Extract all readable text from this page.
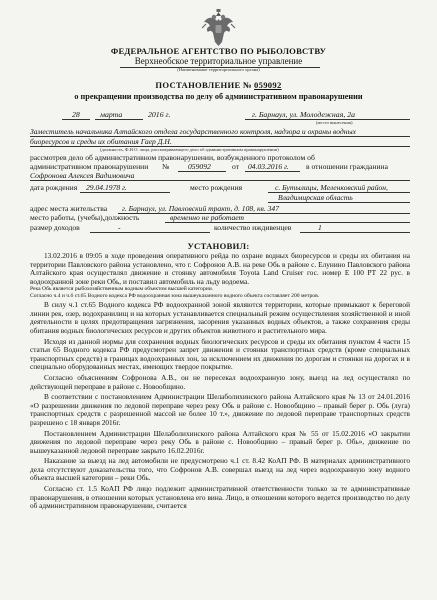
ФЕДЕРАЛЬНОЕ АГЕНТСТВО ПО РЫБОЛОВСТВУ
Верхнеобское территориальное управление
(Наименование территориального органа)
ПОСТАНОВЛЕНИЕ № 059092
о прекращении производства по делу об административном правонарушении
28	марта	2016 г.	г. Барнаул, ул. Молодежная, 2а
(место вынесения)
Заместитель начальника Алтайского отдела государственного контроля, надзора и охраны водных
биоресурсов и среды их обитания Гаер Д.Н.
(должность, Ф.И.О. лица, рассматривающего дело об административном правонарушении)
рассмотрев дело об административном правонарушении, возбужденного протоколом об
административном правонарушении № 059092	от 04.03.2016 г. в отношении гражданина
Софронова Алексея Вадимовича
дата рождения 29.04.1978 г.	место рождения	с. Бутылицы, Меленковский район,
Владимирская область
адрес места жительства г. Барнаул, ул. Павловский тракт, д. 108, кв. 347
место работы, (учебы),должность	временно не работает
размер доходов	-	количество иждивенцев	1
УСТАНОВИЛ:

13.02.2016 в 09:05 в ходе проведения оперативного рейда по охране водных биоресурсов и среды их обитания на территории Павловского района установлено, что г. Софронов А.В. на реке Обь в районе с. Елунино Павловского района Алтайского края осуществлял движение и стоянку автомобиля Toyota Land Cruiser гос. номер Е 100 РТ 22 рус. в водоохранной зоне реки Обь, и поставил автомобиль на льду водоема.

Река Обь является рыбохозяйственным водным объектом высшей категории.

Согласно ч.4 и ч.6 ст.65 Водного кодекса РФ водоохранная зона вышеуказанного водного объекта составляет 200 метров.

В силу ч.1 ст.65 Водного кодекса РФ водоохранной зоной являются территории, которые примыкают к береговой линии рек, озер, водохранилищ и на которых устанавливается специальный режим осуществления хозяйственной и иной деятельности в целях предотвращения загрязнения, засорения указанных водных объектов, а также сохранения среды обитания водных биологических ресурсов и других объектов животного и растительного мира.

Исходя из данной нормы для сохранения водных биологических ресурсов и среды их обитания пунктом 4 части 15 статьи 65 Водного кодекса РФ предусмотрен запрет движения и стоянки транспортных средств (кроме специальных транспортных средств) в границах водоохранных зон, за исключением их движения по дорогам и стоянки на дорогах и в специально оборудованных местах, имеющих твердое покрытие.

Согласно объяснениям Софронова А.В., он не пересекал водоохранную зону, выезд на лед осуществлял по действующей переправе в районе с. Новообщино.

В соответствии с постановлением Администрации Шелаболихинского района Алтайского края № 13 от 24.01.2016 «О разрешении движения по ледовой переправе через реку Обь в районе с. Новообщино – правый берег р. Обь (луга) транспортных средств с разрешенной массой не более 10 т.», движение по ледовой переправе транспортных средств разрешено с 18 января 2016г.

Постановлением Администрации Шелаболихинского района Алтайского края № 55 от 15.02.2016 «О закрытии движения по ледовой переправе через реку Обь в районе с. Новообщинo – правый берег р. Обь», движение по вышеуказанной ледовой переправе закрыто 16.02.2016г.

Наказание за выезд на лед автомобили не предусмотрено ч.1 ст. 8.42 КоАП РФ. В материалах административного дела отсутствуют доказательства того, что Софронов А.В. совершал выезд на лед через водоохранную зону водного объекта высшей категории – реки Обь.

Согласно ст. 1.5 КоАП РФ лицо подлежит административной ответственности только за те административные правонарушения, в отношении которых установлена его вина. Лицо, в отношении которого ведется производство по делу об административном правонарушении, считается
